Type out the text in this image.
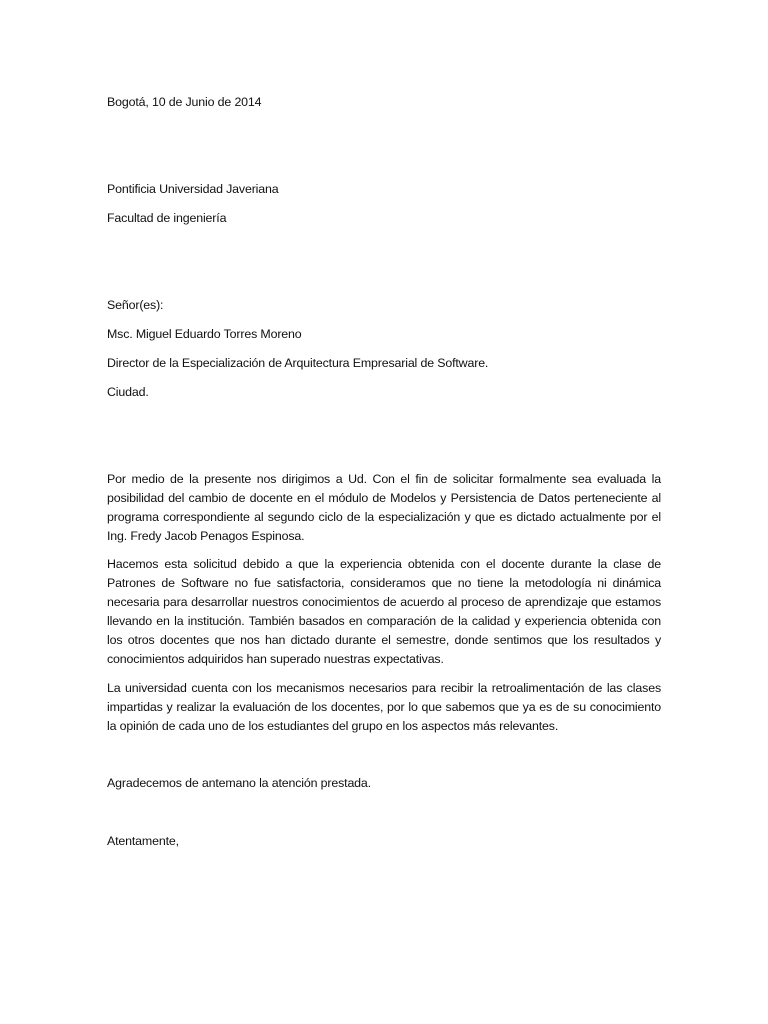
Bogotá, 10 de Junio de 2014
Pontificia Universidad Javeriana
Facultad de ingeniería
Señor(es):
Msc. Miguel Eduardo Torres Moreno
Director de la Especialización de Arquitectura Empresarial de Software.
Ciudad.
Por medio de la presente nos dirigimos a Ud. Con el fin de solicitar formalmente sea evaluada la posibilidad del cambio de docente en el módulo de Modelos y Persistencia de Datos perteneciente al programa correspondiente al segundo ciclo de la especialización y que es dictado actualmente por el Ing. Fredy Jacob Penagos Espinosa.
Hacemos esta solicitud debido a que la experiencia obtenida con el docente durante la clase de Patrones de Software no fue satisfactoria, consideramos que no tiene la metodología ni dinámica necesaria para desarrollar nuestros conocimientos de acuerdo al proceso de aprendizaje que estamos llevando en la institución. También basados en comparación de la calidad y experiencia obtenida con los otros docentes que nos han dictado durante el semestre, donde sentimos que los resultados y conocimientos adquiridos han superado nuestras expectativas.
La universidad cuenta con los mecanismos necesarios para recibir la retroalimentación de las clases impartidas y realizar la evaluación de los docentes, por lo que sabemos que ya es de su conocimiento la opinión de cada uno de los estudiantes del grupo en los aspectos más relevantes.
Agradecemos de antemano la atención prestada.
Atentamente,
